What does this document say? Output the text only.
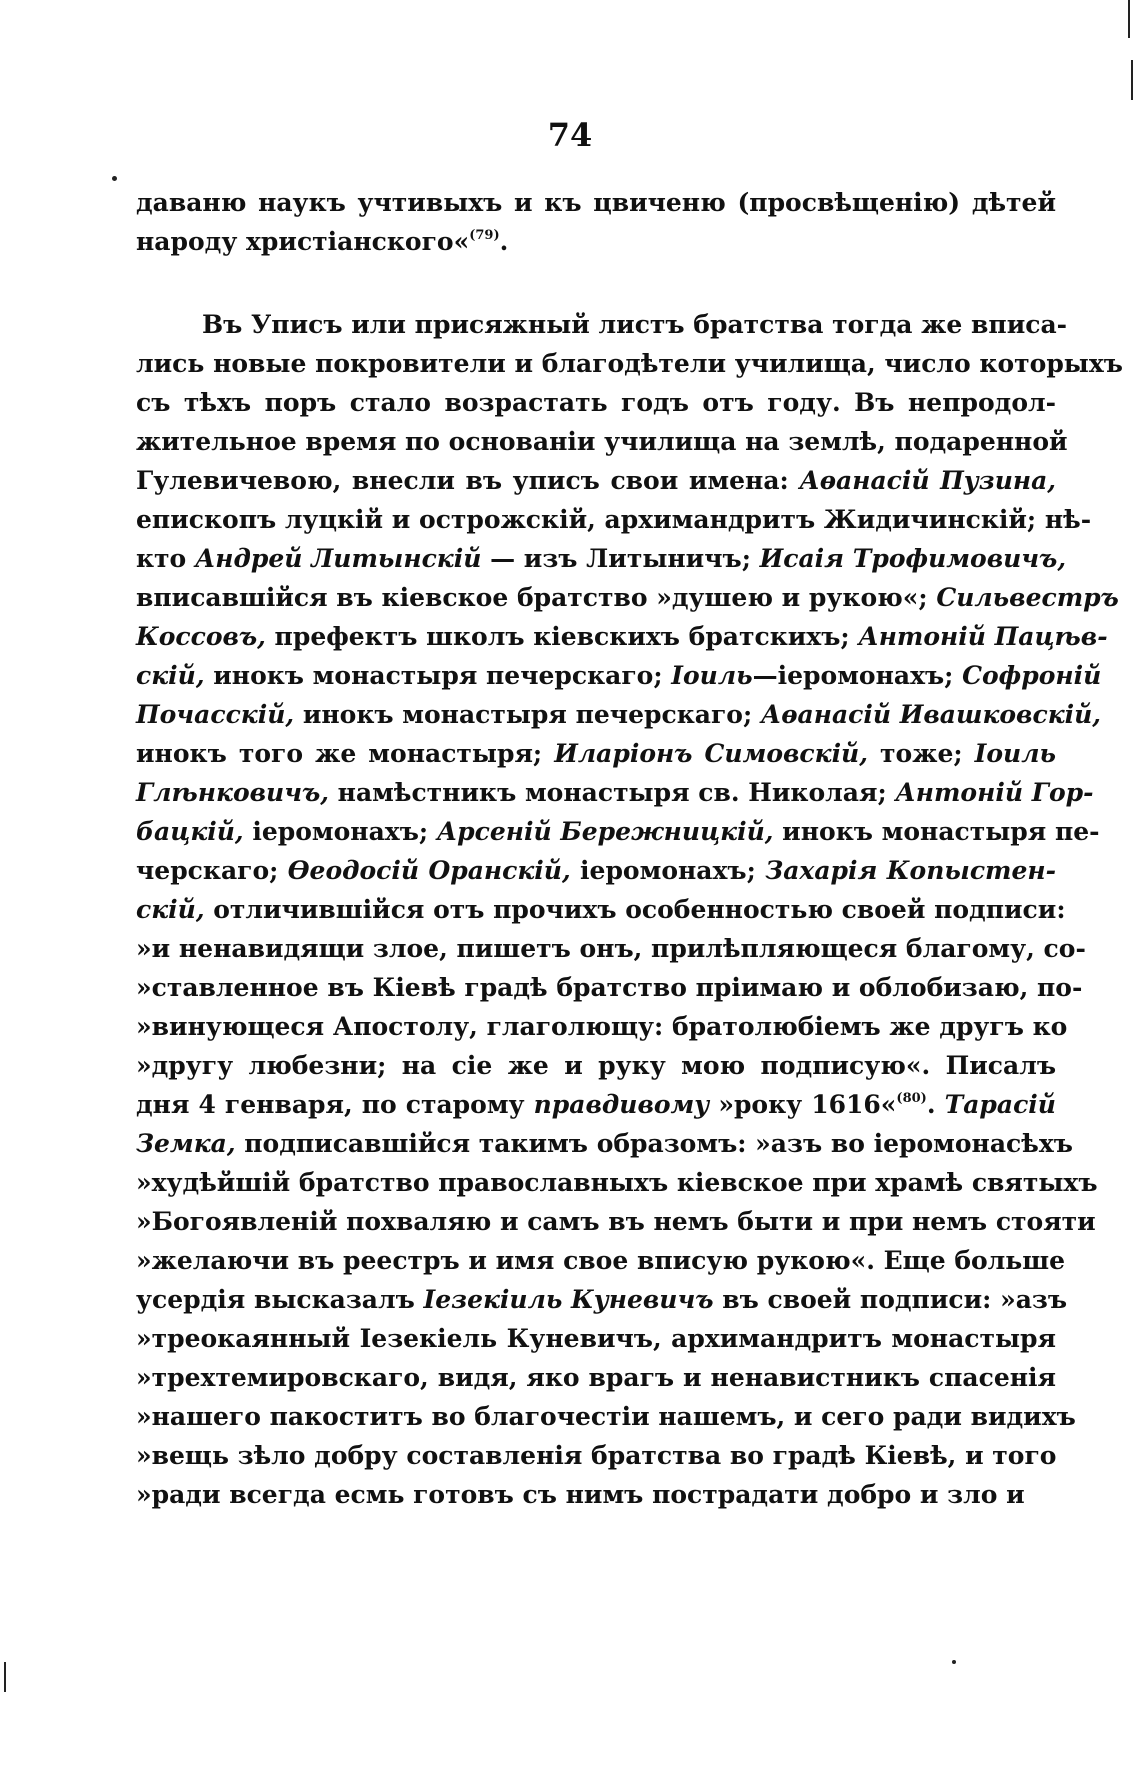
74
даваню наукъ учтивыхъ и къ цвиченю (просвѣщенію) дѣтей
народу христіанского«$^{(79)}$.
Въ Уписъ или присяжный листъ братства тогда же вписа-
лись новые покровители и благодѣтели училища, число которыхъ
съ тѣхъ поръ стало возрастать годъ отъ году. Въ непродол-
жительное время по основаніи училища на землѣ, подаренной
Гулевичевою, внесли въ уписъ свои имена: Аѳанасій Пузина,
епископъ луцкій и острожскій, архимандритъ Жидичинскій; нѣ-
кто Андрей Литынскій — изъ Литыничъ; Исаія Трофимовичъ,
вписавшійся въ кіевское братство »душею и рукою«; Сильвестръ
Коссовъ, префектъ школъ кіевскихъ братскихъ; Антоній Пацѣв-
скій, инокъ монастыря печерскаго; Іоиль—іеромонахъ; Софроній
Почасскій, инокъ монастыря печерскаго; Аѳанасій Ивашковскій,
инокъ того же монастыря; Иларіонъ Симовскій, тоже; Іоиль
Глѣнковичъ, намѣстникъ монастыря св. Николая; Антоній Гор-
бацкій, іеромонахъ; Арсеній Бережницкій, инокъ монастыря пе-
черскаго; Ѳеодосій Оранскій, іеромонахъ; Захарія Копыстен-
скій, отличившійся отъ прочихъ особенностью своей подписи:
»и ненавидящи злое, пишетъ онъ, прилѣпляющеся благому, со-
»ставленное въ Кіевѣ градѣ братство пріимаю и облобизаю, по-
»винующеся Апостолу, глаголющу: братолюбіемъ же другъ ко
»другу любезни; на сіе же и руку мою подписую«. Писалъ
дня 4 генваря, по старому правдивому »року 1616«$^{(80)}$. Тарасій
Земка, подписавшійся такимъ образомъ: »азъ во іеромонасѣхъ
»худѣйшій братство православныхъ кіевское при храмѣ святыхъ
»Богоявленій похваляю и самъ въ немъ быти и при немъ стояти
»желаючи въ реестръ и имя свое вписую рукою«. Еще больше
усердія высказалъ Іезекіиль Куневичъ въ своей подписи: »азъ
»треокаянный Іезекіель Куневичъ, архимандритъ монастыря
»трехтемировскаго, видя, яко врагъ и ненавистникъ спасенія
»нашего пакоститъ во благочестіи нашемъ, и сего ради видихъ
»вещь зѣло добру составленія братства во градѣ Кіевѣ, и того
»ради всегда есмь готовъ съ нимъ пострадати добро и зло и
